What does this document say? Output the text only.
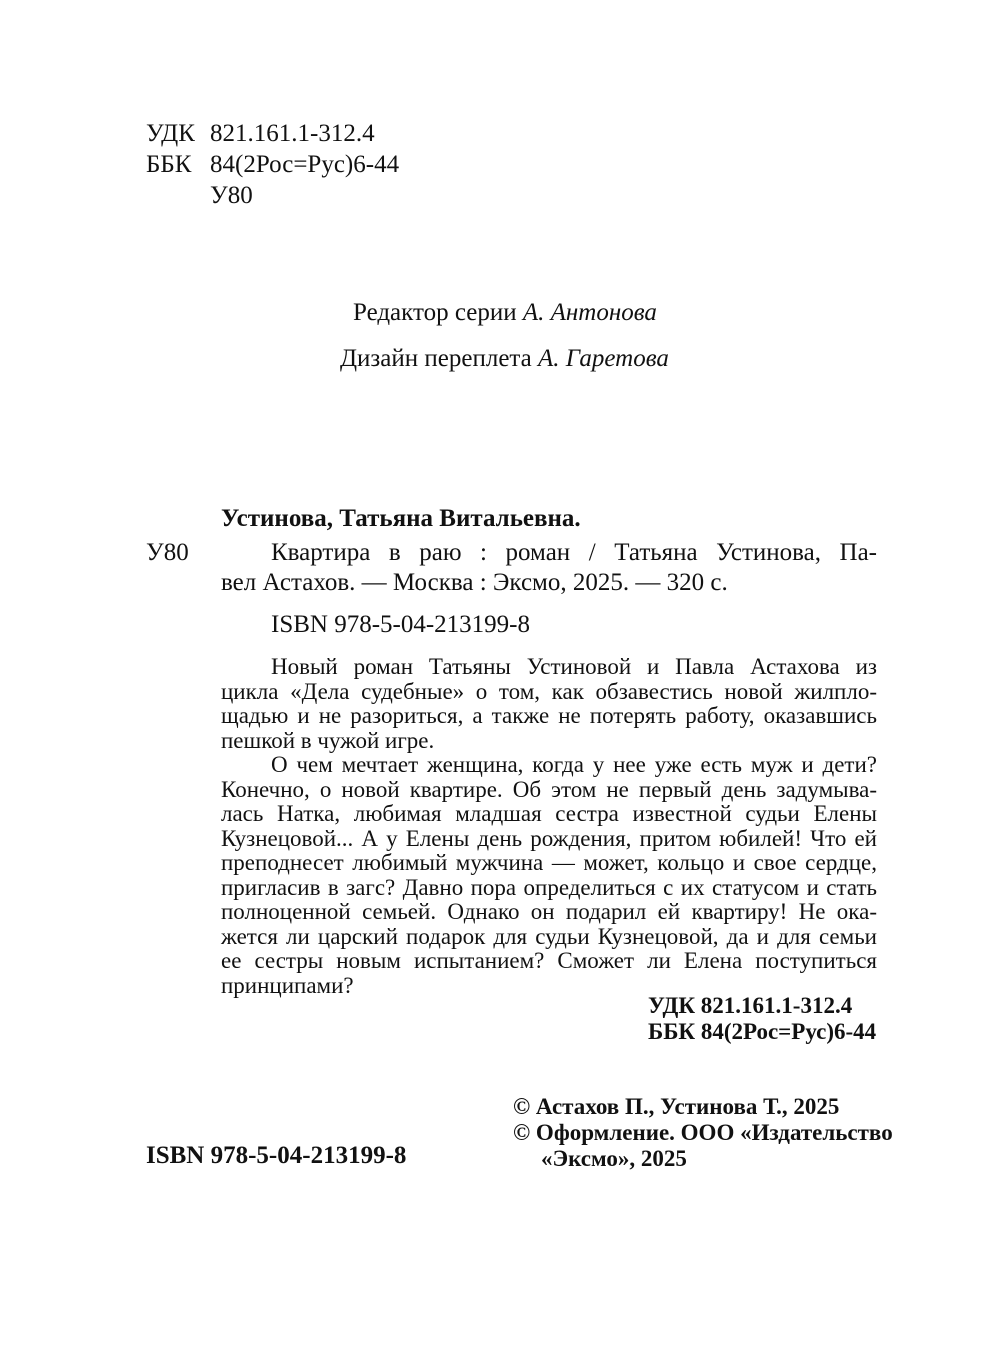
УДК 821.161.1-312.4
ББК 84(2Рос=Рус)6-44
У80
Редактор серии А. Антонова
Дизайн переплета А. Гаретова
Устинова, Татьяна Витальевна.
У80	Квартира в раю : роман / Татьяна Устинова, Па-
вел Астахов. — Москва : Эксмо, 2025. — 320 с.
ISBN 978-5-04-213199-8
Новый роман Татьяны Устиновой и Павла Астахова из
цикла «Дела судебные» о том, как обзавестись новой жилпло-
щадью и не разориться, а также не потерять работу, оказавшись
пешкой в чужой игре.
О чем мечтает женщина, когда у нее уже есть муж и дети?
Конечно, о новой квартире. Об этом не первый день задумыва-
лась Натка, любимая младшая сестра известной судьи Елены
Кузнецовой... А у Елены день рождения, притом юбилей! Что ей
преподнесет любимый мужчина — может, кольцо и свое сердце,
пригласив в загс? Давно пора определиться с их статусом и стать
полноценной семьей. Однако он подарил ей квартиру! Не ока-
жется ли царский подарок для судьи Кузнецовой, да и для семьи
ее сестры новым испытанием? Сможет ли Елена поступиться
принципами?
УДК 821.161.1-312.4
ББК 84(2Рос=Рус)6-44
© Астахов П., Устинова Т., 2025
© Оформление. ООО «Издательство
«Эксмо», 2025
ISBN 978-5-04-213199-8
